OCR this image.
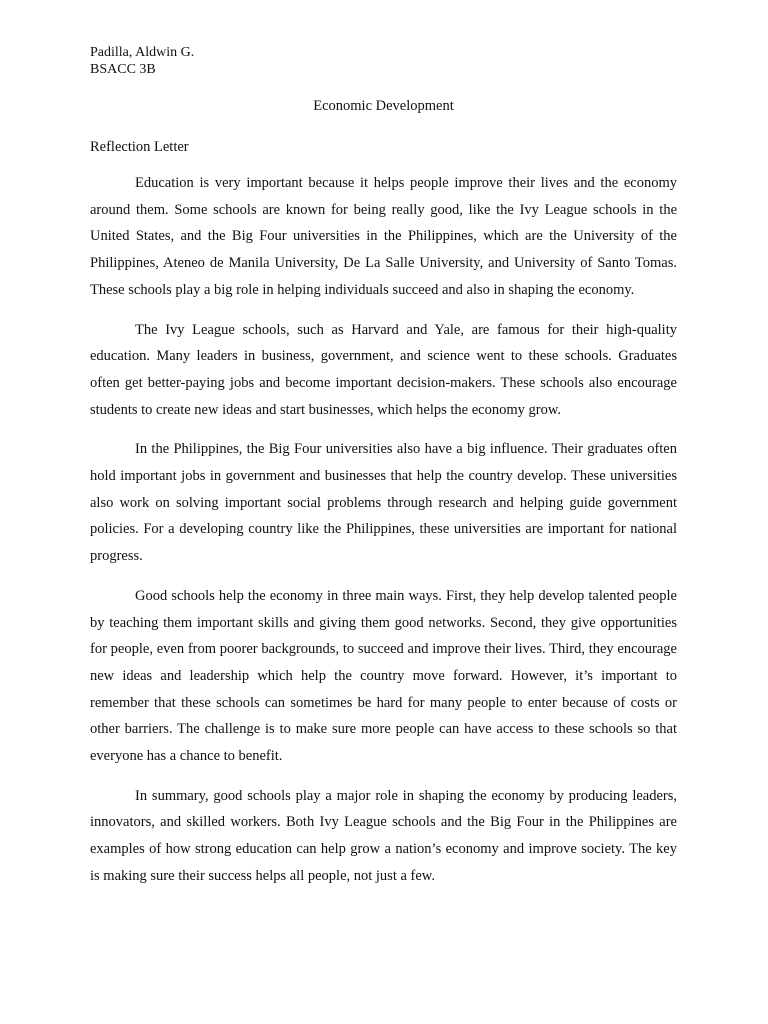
Padilla, Aldwin G.

BSACC 3B

Economic Development

Reflection Letter

Education is very important because it helps people improve their lives and the economy around them. Some schools are known for being really good, like the Ivy League schools in the United States, and the Big Four universities in the Philippines, which are the University of the Philippines, Ateneo de Manila University, De La Salle University, and University of Santo Tomas. These schools play a big role in helping individuals succeed and also in shaping the economy.

The Ivy League schools, such as Harvard and Yale, are famous for their high-quality education. Many leaders in business, government, and science went to these schools. Graduates often get better-paying jobs and become important decision-makers. These schools also encourage students to create new ideas and start businesses, which helps the economy grow.

In the Philippines, the Big Four universities also have a big influence. Their graduates often hold important jobs in government and businesses that help the country develop. These universities also work on solving important social problems through research and helping guide government policies. For a developing country like the Philippines, these universities are important for national progress.

Good schools help the economy in three main ways. First, they help develop talented people by teaching them important skills and giving them good networks. Second, they give opportunities for people, even from poorer backgrounds, to succeed and improve their lives. Third, they encourage new ideas and leadership which help the country move forward. However, it’s important to remember that these schools can sometimes be hard for many people to enter because of costs or other barriers. The challenge is to make sure more people can have access to these schools so that everyone has a chance to benefit.

In summary, good schools play a major role in shaping the economy by producing leaders, innovators, and skilled workers. Both Ivy League schools and the Big Four in the Philippines are examples of how strong education can help grow a nation’s economy and improve society. The key is making sure their success helps all people, not just a few.
